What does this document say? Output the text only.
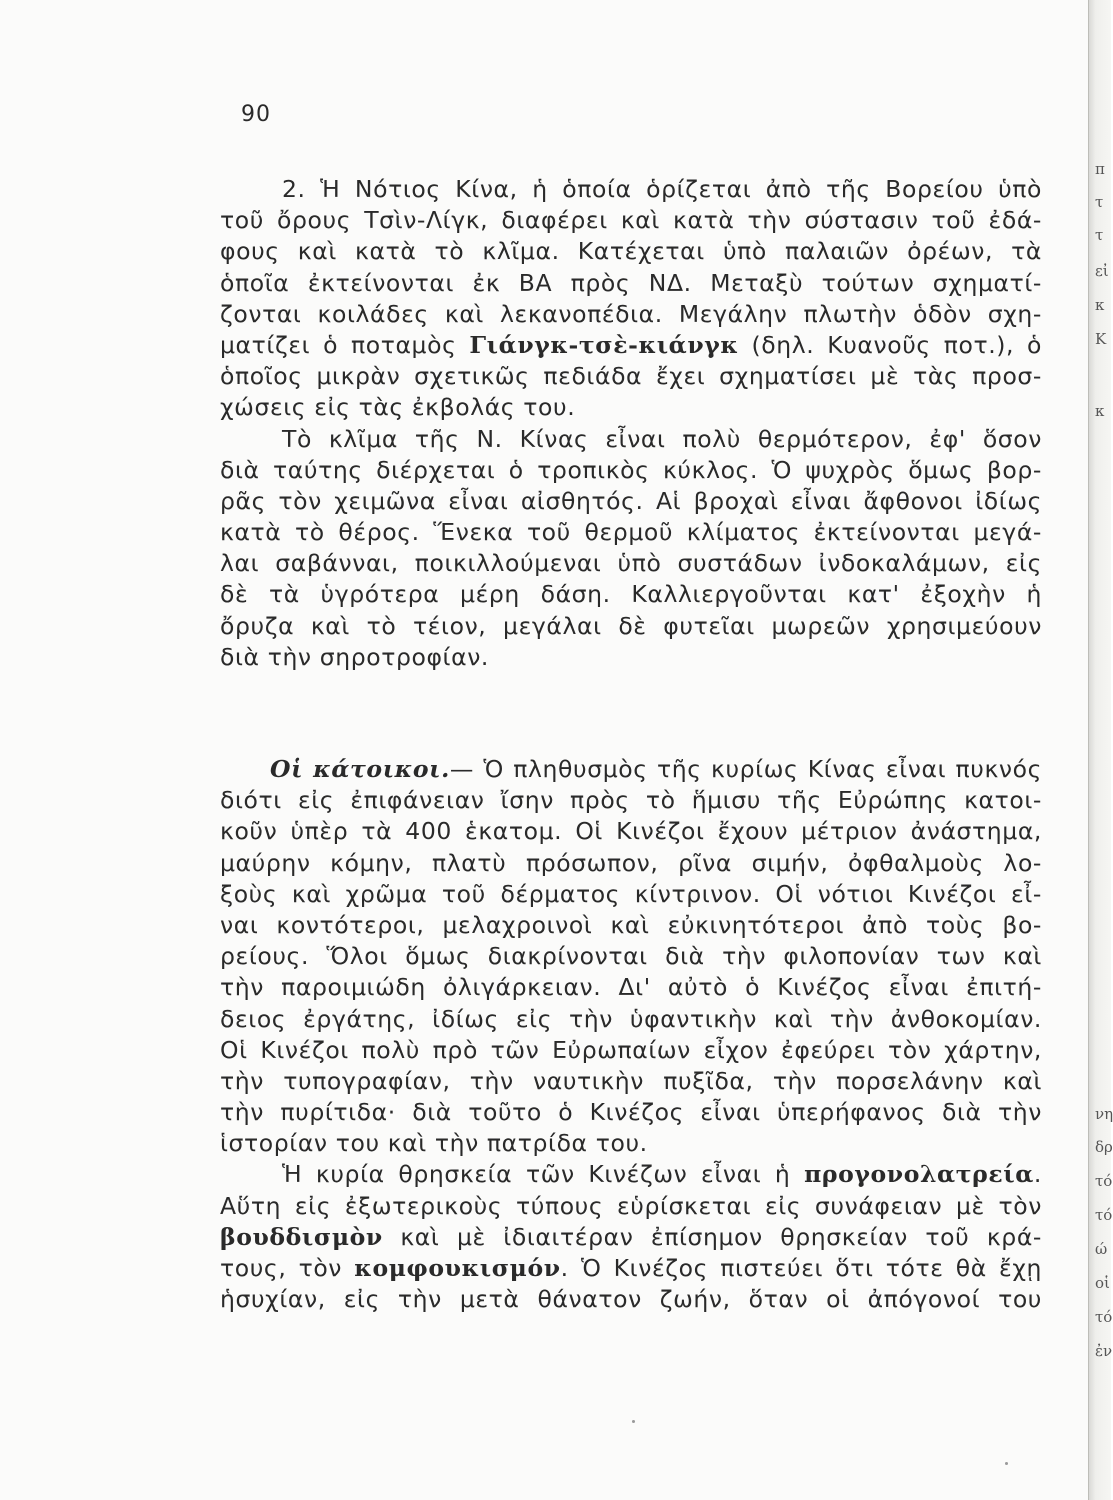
π
τ
τ
εἰ
κ
Κ
κ
νη
δρ
τό
τό
ώ
οἱ
τό
ἐν
90
2. Ἡ Νότιος Κίνα, ἡ ὁποία ὁρίζεται ἀπὸ τῆς Βορείου ὑπὸ
τοῦ ὄρους Τσὶν-Λίγκ, διαφέρει καὶ κατὰ τὴν σύστασιν τοῦ ἐδά-
φους καὶ κατὰ τὸ κλῖμα. Κατέχεται ὑπὸ παλαιῶν ὀρέων, τὰ
ὁποῖα ἐκτείνονται ἐκ ΒΑ πρὸς ΝΔ. Μεταξὺ τούτων σχηματί-
ζονται κοιλάδες καὶ λεκανοπέδια. Μεγάλην πλωτὴν ὁδὸν σχη-
ματίζει ὁ ποταμὸς Γιάνγκ-τσὲ-κιάνγκ (δηλ. Κυανοῦς ποτ.), ὁ
ὁποῖος μικρὰν σχετικῶς πεδιάδα ἔχει σχηματίσει μὲ τὰς προσ-
χώσεις εἰς τὰς ἐκβολάς του.
Τὸ κλῖμα τῆς Ν. Κίνας εἶναι πολὺ θερμότερον, ἐφ' ὅσον
διὰ ταύτης διέρχεται ὁ τροπικὸς κύκλος. Ὁ ψυχρὸς ὅμως βορ-
ρᾶς τὸν χειμῶνα εἶναι αἰσθητός. Αἱ βροχαὶ εἶναι ἄφθονοι ἰδίως
κατὰ τὸ θέρος. Ἕνεκα τοῦ θερμοῦ κλίματος ἐκτείνονται μεγά-
λαι σαβάνναι, ποικιλλούμεναι ὑπὸ συστάδων ἰνδοκαλάμων, εἰς
δὲ τὰ ὑγρότερα μέρη δάση. Καλλιεργοῦνται κατ' ἐξοχὴν ἡ
ὄρυζα καὶ τὸ τέιον, μεγάλαι δὲ φυτεῖαι μωρεῶν χρησιμεύουν
διὰ τὴν σηροτροφίαν.
Οἱ κάτοικοι.— Ὁ πληθυσμὸς τῆς κυρίως Κίνας εἶναι πυκνός
διότι εἰς ἐπιφάνειαν ἴσην πρὸς τὸ ἥμισυ τῆς Εὐρώπης κατοι-
κοῦν ὑπὲρ τὰ 400 ἑκατομ. Οἱ Κινέζοι ἔχουν μέτριον ἀνάστημα,
μαύρην κόμην, πλατὺ πρόσωπον, ρῖνα σιμήν, ὀφθαλμοὺς λο-
ξοὺς καὶ χρῶμα τοῦ δέρματος κίντρινον. Οἱ νότιοι Κινέζοι εἶ-
ναι κοντότεροι, μελαχροινοὶ καὶ εὐκινητότεροι ἀπὸ τοὺς βο-
ρείους. Ὅλοι ὅμως διακρίνονται διὰ τὴν φιλοπονίαν των καὶ
τὴν παροιμιώδη ὀλιγάρκειαν. Δι' αὐτὸ ὁ Κινέζος εἶναι ἐπιτή-
δειος ἐργάτης, ἰδίως εἰς τὴν ὑφαντικὴν καὶ τὴν ἀνθοκομίαν.
Οἱ Κινέζοι πολὺ πρὸ τῶν Εὐρωπαίων εἶχον ἐφεύρει τὸν χάρτην,
τὴν τυπογραφίαν, τὴν ναυτικὴν πυξῖδα, τὴν πορσελάνην καὶ
τὴν πυρίτιδα· διὰ τοῦτο ὁ Κινέζος εἶναι ὑπερήφανος διὰ τὴν
ἱστορίαν του καὶ τὴν πατρίδα του.
Ἡ κυρία θρησκεία τῶν Κινέζων εἶναι ἡ προγονολατρεία.
Αὕτη εἰς ἐξωτερικοὺς τύπους εὑρίσκεται εἰς συνάφειαν μὲ τὸν
βουδδισμὸν καὶ μὲ ἰδιαιτέραν ἐπίσημον θρησκείαν τοῦ κρά-
τους, τὸν κομφουκισμόν. Ὁ Κινέζος πιστεύει ὅτι τότε θὰ ἔχῃ
ἡσυχίαν, εἰς τὴν μετὰ θάνατον ζωήν, ὅταν οἱ ἀπόγονοί του
